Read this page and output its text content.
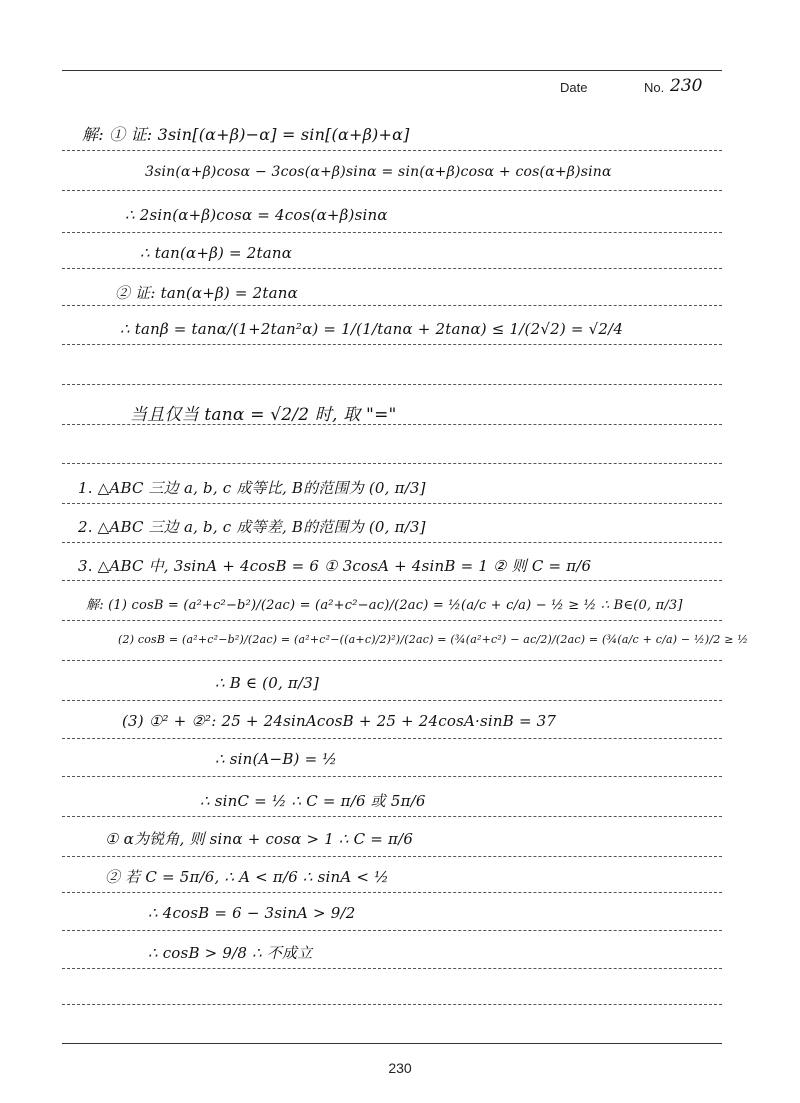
Date	No. 230
解: ① 证: 3sin[(α+β)−α] = sin[(α+β)+α]
3sin(α+β)cosα − 3cos(α+β)sinα = sin(α+β)cosα + cos(α+β)sinα
∴ 2sin(α+β)cosα = 4cos(α+β)sinα
∴ tan(α+β) = 2tanα
② 证: tan(α+β) = 2tanα
∴ tanβ = tanα/(1+2tan²α) = 1/(1/tanα + 2tanα) ≤ 1/(2√2) = √2/4
当且仅当 tanα = √2/2 时, 取 "="
1. △ABC 三边 a, b, c 成等比, B的范围为 (0, π/3]
2. △ABC 三边 a, b, c 成等差, B的范围为 (0, π/3]
3. △ABC 中, 3sinA + 4cosB = 6 ① 3cosA + 4sinB = 1 ② 则 C = π/6
解: (1) cosB = (a²+c²−b²)/(2ac) = (a²+c²−ac)/(2ac) = ½(a/c + c/a) − ½ ≥ ½ ∴ B∈(0, π/3]
(2) cosB = (a²+c²−b²)/(2ac) = (a²+c²−((a+c)/2)²)/(2ac) = (¾(a²+c²) − ac/2)/(2ac) = (¾(a/c + c/a) − ½)/2 ≥ ½
∴ B ∈ (0, π/3]
(3) ①² + ②²: 25 + 24sinAcosB + 25 + 24cosA·sinB = 37
∴ sin(A−B) = ½
∴ sinC = ½ ∴ C = π/6 或 5π/6
① α为锐角, 则 sinα + cosα > 1 ∴ C = π/6
② 若 C = 5π/6, ∴ A < π/6 ∴ sinA < ½
∴ 4cosB = 6 − 3sinA > 9/2
∴ cosB > 9/8 ∴ 不成立
230
